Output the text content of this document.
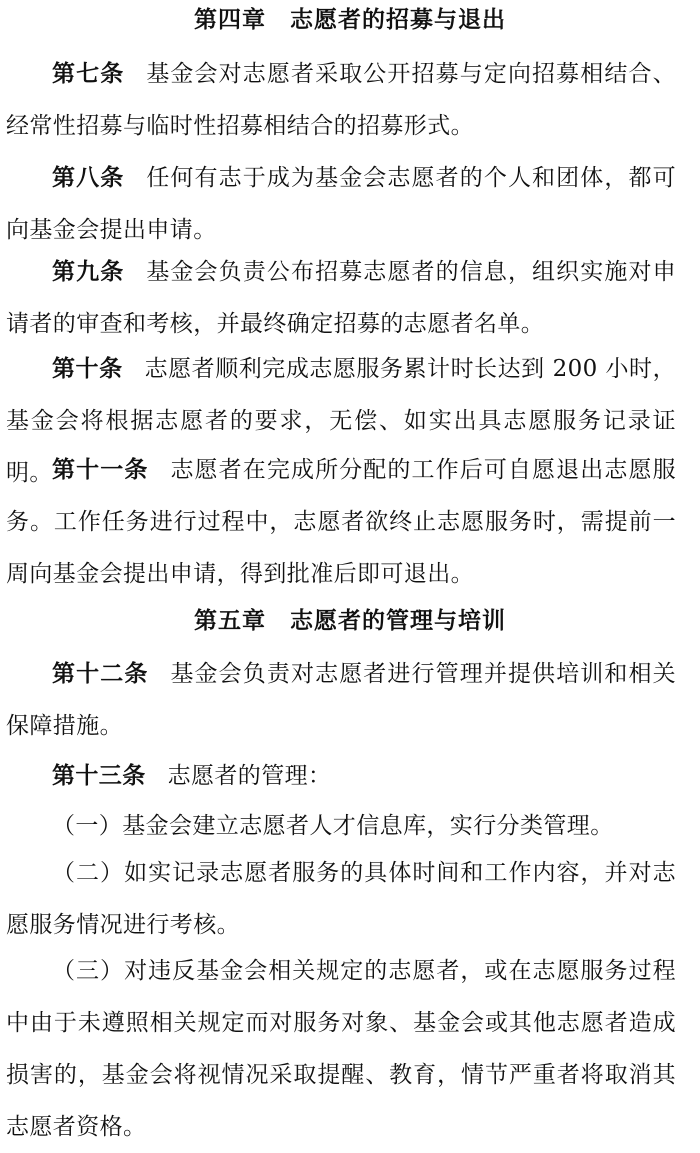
第四章　志愿者的招募与退出

第七条 基金会对志愿者采取公开招募与定向招募相结合、经常性招募与临时性招募相结合的招募形式。

第八条 任何有志于成为基金会志愿者的个人和团体，都可向基金会提出申请。

第九条 基金会负责公布招募志愿者的信息，组织实施对申请者的审查和考核，并最终确定招募的志愿者名单。

第十条 志愿者顺利完成志愿服务累计时长达到 200 小时，基金会将根据志愿者的要求，无偿、如实出具志愿服务记录证明。 第十一条 志愿者在完成所分配的工作后可自愿退出志愿服务。工作任务进行过程中，志愿者欲终止志愿服务时，需提前一周向基金会提出申请，得到批准后即可退出。

第五章　志愿者的管理与培训

第十二条 基金会负责对志愿者进行管理并提供培训和相关保障措施。

第十三条 志愿者的管理：

（一）基金会建立志愿者人才信息库，实行分类管理。

（二）如实记录志愿者服务的具体时间和工作内容，并对志愿服务情况进行考核。

（三）对违反基金会相关规定的志愿者，或在志愿服务过程中由于未遵照相关规定而对服务对象、基金会或其他志愿者造成损害的，基金会将视情况采取提醒、教育，情节严重者将取消其志愿者资格。
